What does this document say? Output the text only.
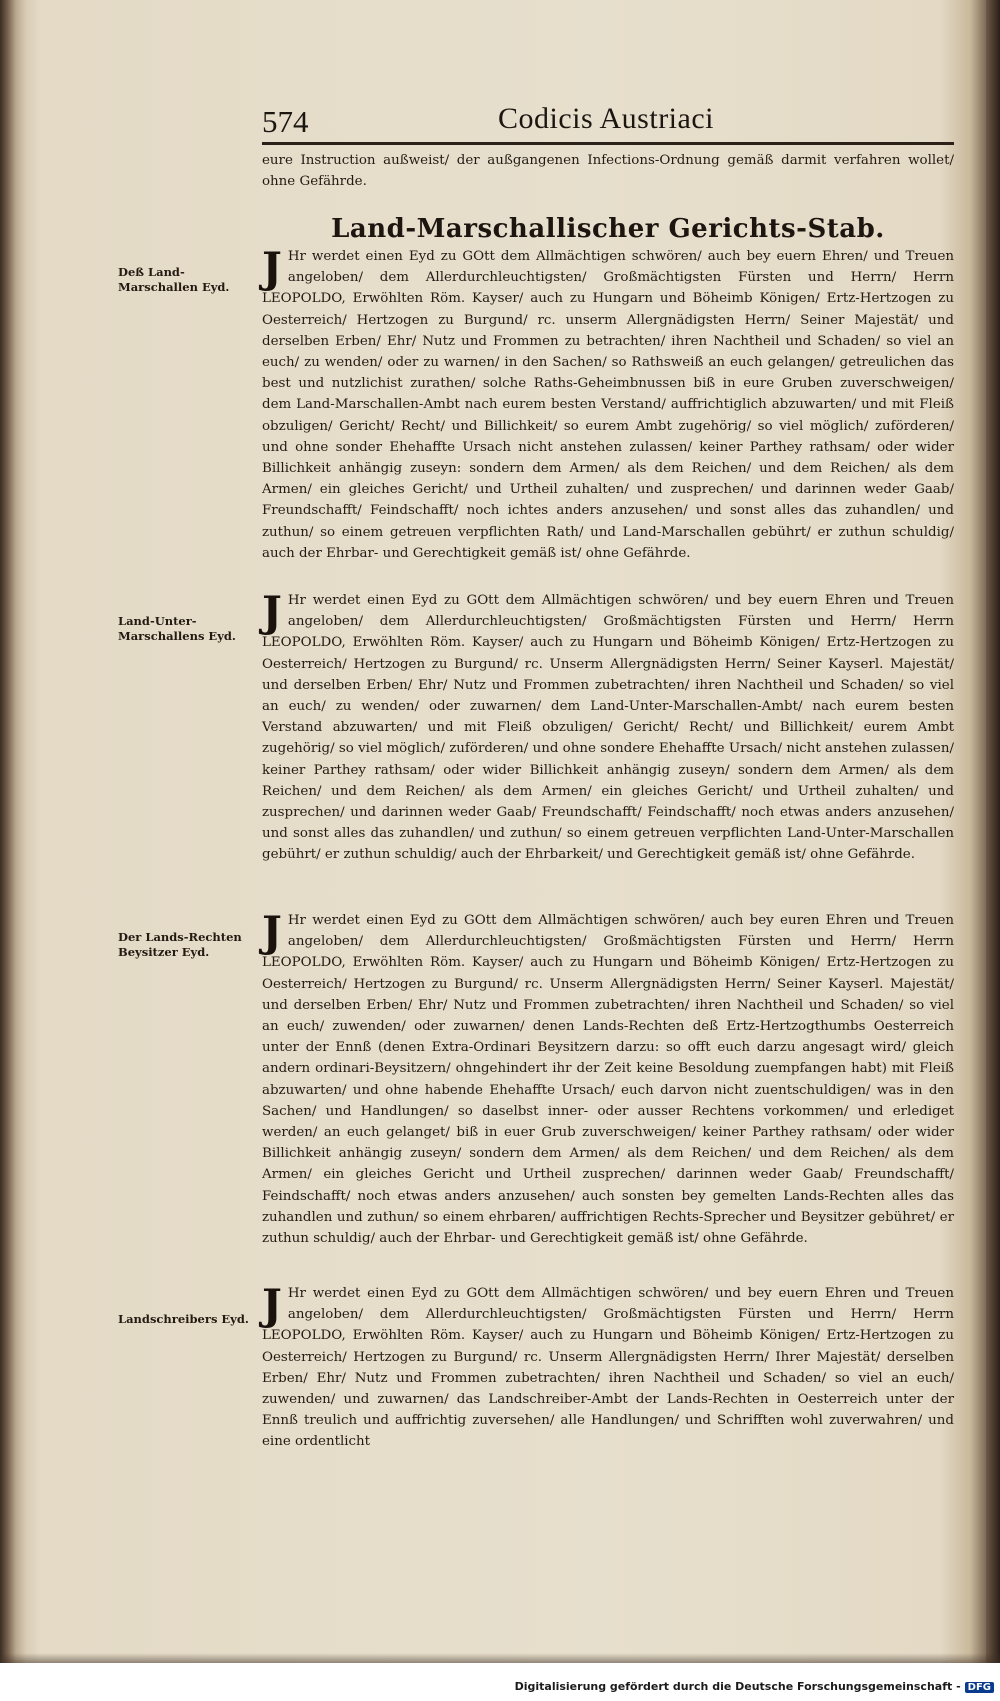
574	Codicis Austriaci
eure Instruction außweist/ der außgangenen Infections-Ordnung gemäß darmit verfahren wollet/ ohne Gefährde.
Land-Marschallischer Gerichts-Stab.
Deß Land-Marschallen Eyd. J Hr werdet einen Eyd zu GOtt dem Allmächtigen schwören/ auch bey euern Ehren/ und Treuen angeloben/ dem Allerdurchleuchtigsten/ Großmächtigsten Fürsten und Herrn/ Herrn LEOPOLDO, Erwöhlten Röm. Kayser/ auch zu Hungarn und Böheimb Königen/ Ertz-Hertzogen zu Oesterreich/ Hertzogen zu Burgund/ rc. unserm Allergnädigsten Herrn/ Seiner Majestät/ und derselben Erben/ Ehr/ Nutz und Frommen zu betrachten/ ihren Nachtheil und Schaden/ so viel an euch/ zu wenden/ oder zu warnen/ in den Sachen/ so Rathsweiß an euch gelangen/ getreulichen das best und nutzlichist zurathen/ solche Raths-Geheimbnussen biß in eure Gruben zuverschweigen/ dem Land-Marschallen-Ambt nach eurem besten Verstand/ auffrichtiglich abzuwarten/ und mit Fleiß obzuligen/ Gericht/ Recht/ und Billichkeit/ so eurem Ambt zugehörig/ so viel möglich/ zuförderen/ und ohne sonder Ehehaffte Ursach nicht anstehen zulassen/ keiner Parthey rathsam/ oder wider Billichkeit anhängig zuseyn: sondern dem Armen/ als dem Reichen/ und dem Reichen/ als dem Armen/ ein gleiches Gericht/ und Urtheil zuhalten/ und zusprechen/ und darinnen weder Gaab/ Freundschafft/ Feindschafft/ noch ichtes anders anzusehen/ und sonst alles das zuhandlen/ und zuthun/ so einem getreuen verpflichten Rath/ und Land-Marschallen gebührt/ er zuthun schuldig/ auch der Ehrbar- und Gerechtigkeit gemäß ist/ ohne Gefährde.
Land-Unter-Marschallens Eyd. J Hr werdet einen Eyd zu GOtt dem Allmächtigen schwören/ und bey euern Ehren und Treuen angeloben/ dem Allerdurchleuchtigsten/ Großmächtigsten Fürsten und Herrn/ Herrn LEOPOLDO, Erwöhlten Röm. Kayser/ auch zu Hungarn und Böheimb Königen/ Ertz-Hertzogen zu Oesterreich/ Hertzogen zu Burgund/ rc. Unserm Allergnädigsten Herrn/ Seiner Kayserl. Majestät/ und derselben Erben/ Ehr/ Nutz und Frommen zubetrachten/ ihren Nachtheil und Schaden/ so viel an euch/ zu wenden/ oder zuwarnen/ dem Land-Unter-Marschallen-Ambt/ nach eurem besten Verstand abzuwarten/ und mit Fleiß obzuligen/ Gericht/ Recht/ und Billichkeit/ eurem Ambt zugehörig/ so viel möglich/ zuförderen/ und ohne sondere Ehehaffte Ursach/ nicht anstehen zulassen/ keiner Parthey rathsam/ oder wider Billichkeit anhängig zuseyn/ sondern dem Armen/ als dem Reichen/ und dem Reichen/ als dem Armen/ ein gleiches Gericht/ und Urtheil zuhalten/ und zusprechen/ und darinnen weder Gaab/ Freundschafft/ Feindschafft/ noch etwas anders anzusehen/ und sonst alles das zuhandlen/ und zuthun/ so einem getreuen verpflichten Land-Unter-Marschallen gebührt/ er zuthun schuldig/ auch der Ehrbarkeit/ und Gerechtigkeit gemäß ist/ ohne Gefährde.
Der Lands-Rechten Beysitzer Eyd.	J Hr werdet einen Eyd zu GOtt dem Allmächtigen schwören/ auch bey euren Ehren und Treuen angeloben/ dem Allerdurchleuchtigsten/ Großmächtigsten Fürsten und Herrn/ Herrn LEOPOLDO, Erwöhlten Röm. Kayser/ auch zu Hungarn und Böheimb Königen/ Ertz-Hertzogen zu Oesterreich/ Hertzogen zu Burgund/ rc. Unserm Allergnädigsten Herrn/ Seiner Kayserl. Majestät/ und derselben Erben/ Ehr/ Nutz und Frommen zubetrachten/ ihren Nachtheil und Schaden/ so viel an euch/ zuwenden/ oder zuwarnen/ denen Lands-Rechten deß Ertz-Hertzogthumbs Oesterreich unter der Ennß (denen Extra-Ordinari Beysitzern darzu: so offt euch darzu angesagt wird/ gleich andern ordinari-Beysitzern/ ohngehindert ihr der Zeit keine Besoldung zuempfangen habt) mit Fleiß abzuwarten/ und ohne habende Ehehaffte Ursach/ euch darvon nicht zuentschuldigen/ was in den Sachen/ und Handlungen/ so daselbst inner- oder ausser Rechtens vorkommen/ und erlediget werden/ an euch gelanget/ biß in euer Grub zuverschweigen/ keiner Parthey rathsam/ oder wider Billichkeit anhängig zuseyn/ sondern dem Armen/ als dem Reichen/ und dem Reichen/ als dem Armen/ ein gleiches Gericht und Urtheil zusprechen/ darinnen weder Gaab/ Freundschafft/ Feindschafft/ noch etwas anders anzusehen/ auch sonsten bey gemelten Lands-Rechten alles das zuhandlen und zuthun/ so einem ehrbaren/ auffrichtigen Rechts-Sprecher und Beysitzer gebühret/ er zuthun schuldig/ auch der Ehrbar- und Gerechtigkeit gemäß ist/ ohne Gefährde.
Landschreibers Eyd. J Hr werdet einen Eyd zu GOtt dem Allmächtigen schwören/ und bey euern Ehren und Treuen angeloben/ dem Allerdurchleuchtigsten/ Großmächtigsten Fürsten und Herrn/ Herrn LEOPOLDO, Erwöhlten Röm. Kayser/ auch zu Hungarn und Böheimb Königen/ Ertz-Hertzogen zu Oesterreich/ Hertzogen zu Burgund/ rc. Unserm Allergnädigsten Herrn/ Ihrer Majestät/ derselben Erben/ Ehr/ Nutz und Frommen zubetrachten/ ihren Nachtheil und Schaden/ so viel an euch/ zuwenden/ und zuwarnen/ das Landschreiber-Ambt der Lands-Rechten in Oesterreich unter der Ennß treulich und auffrichtig zuversehen/ alle Handlungen/ und Schrifften wohl zuverwahren/ und eine ordentlicht
Digitalisierung gefördert durch die Deutsche Forschungsgemeinschaft - DFG
